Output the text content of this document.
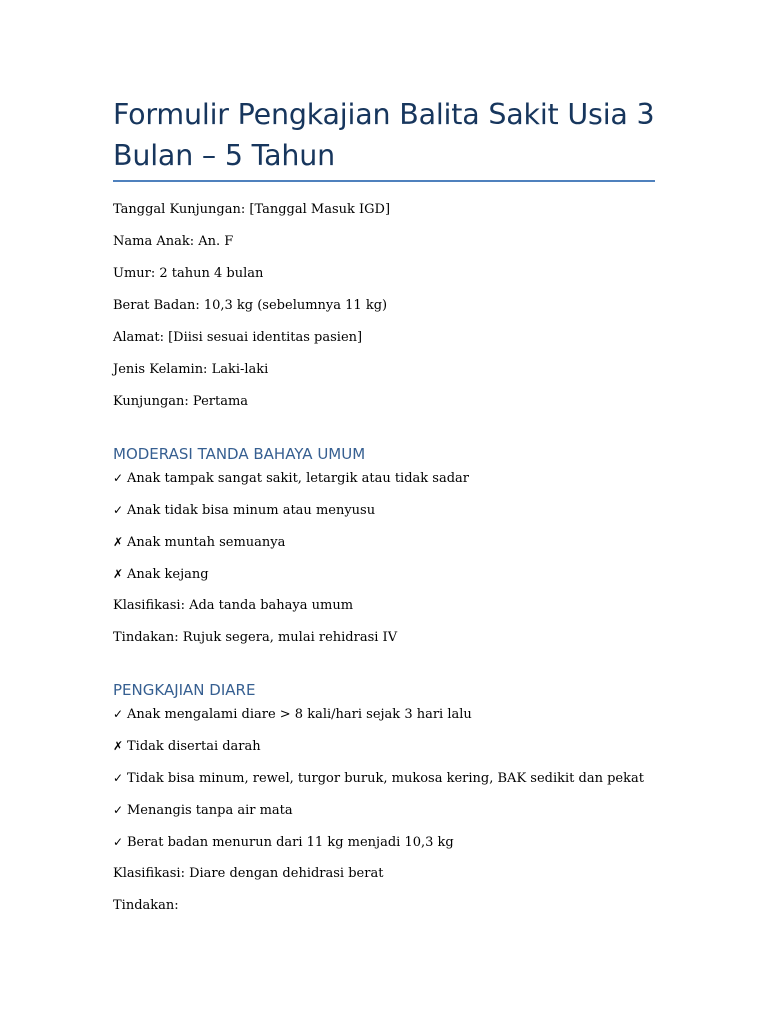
Formulir Pengkajian Balita Sakit Usia 3 Bulan – 5 Tahun

Tanggal Kunjungan: [Tanggal Masuk IGD]

Nama Anak: An. F

Umur: 2 tahun 4 bulan

Berat Badan: 10,3 kg (sebelumnya 11 kg)

Alamat: [Diisi sesuai identitas pasien]

Jenis Kelamin: Laki-laki

Kunjungan: Pertama

MODERASI TANDA BAHAYA UMUM

✓ Anak tampak sangat sakit, letargik atau tidak sadar

✓ Anak tidak bisa minum atau menyusu

✗ Anak muntah semuanya

✗ Anak kejang

Klasifikasi: Ada tanda bahaya umum

Tindakan: Rujuk segera, mulai rehidrasi IV

PENGKAJIAN DIARE

✓ Anak mengalami diare > 8 kali/hari sejak 3 hari lalu

✗ Tidak disertai darah

✓ Tidak bisa minum, rewel, turgor buruk, mukosa kering, BAK sedikit dan pekat

✓ Menangis tanpa air mata

✓ Berat badan menurun dari 11 kg menjadi 10,3 kg

Klasifikasi: Diare dengan dehidrasi berat

Tindakan:
